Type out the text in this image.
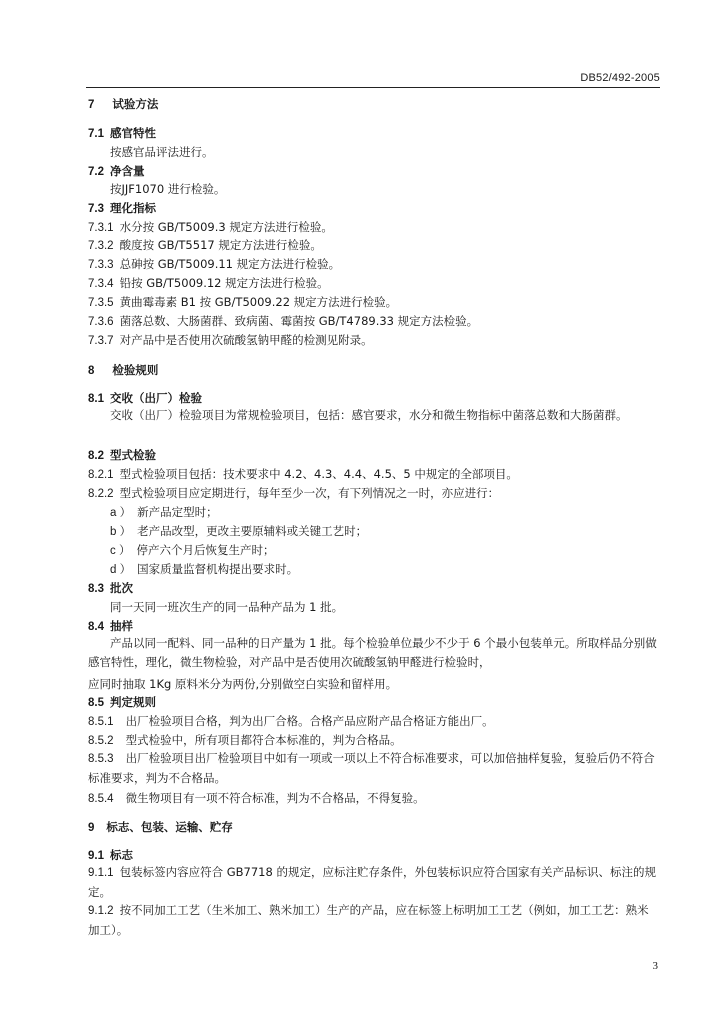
DB52/492-2005
7 试验方法
7.1 感官特性
按感官品评法进行。
7.2 净含量
按JJF1070 进行检验。
7.3 理化指标
7.3.1 水分按 GB/T5009.3 规定方法进行检验。
7.3.2 酸度按 GB/T5517 规定方法进行检验。
7.3.3 总砷按 GB/T5009.11 规定方法进行检验。
7.3.4 铅按 GB/T5009.12 规定方法进行检验。
7.3.5 黄曲霉毒素 B1 按 GB/T5009.22 规定方法进行检验。
7.3.6 菌落总数、大肠菌群、致病菌、霉菌按 GB/T4789.33 规定方法检验。
7.3.7 对产品中是否使用次硫酸氢钠甲醛的检测见附录。
8 检验规则
8.1 交收（出厂）检验
交收（出厂）检验项目为常规检验项目，包括：感官要求，水分和微生物指标中菌落总数和大肠菌群。
8.2 型式检验
8.2.1 型式检验项目包括：技术要求中 4.2、4.3、4.4、4.5、5 中规定的全部项目。
8.2.2 型式检验项目应定期进行，每年至少一次，有下列情况之一时，亦应进行：
a ） 新产品定型时；
b ） 老产品改型，更改主要原辅料或关键工艺时；
c ） 停产六个月后恢复生产时；
d ） 国家质量监督机构提出要求时。
8.3 批次
同一天同一班次生产的同一品种产品为 1 批。
8.4 抽样
产品以同一配料、同一品种的日产量为 1 批。每个检验单位最少不少于 6 个最小包装单元。所取样品分别做感官特性，理化，微生物检验，对产品中是否使用次硫酸氢钠甲醛进行检验时，
应同时抽取 1Kg 原料米分为两份,分别做空白实验和留样用。
8.5 判定规则
8.5.1 出厂检验项目合格，判为出厂合格。合格产品应附产品合格证方能出厂。
8.5.2 型式检验中，所有项目都符合本标准的，判为合格品。
8.5.3 出厂检验项目出厂检验项目中如有一项或一项以上不符合标准要求，可以加倍抽样复验，复验后仍不符合标准要求，判为不合格品。
8.5.4 微生物项目有一项不符合标准，判为不合格品，不得复验。
9 标志、包装、运输、贮存
9.1 标志
9.1.1 包装标签内容应符合 GB7718 的规定，应标注贮存条件，外包装标识应符合国家有关产品标识、标注的规定。
9.1.2 按不同加工工艺（生米加工、熟米加工）生产的产品，应在标签上标明加工工艺（例如，加工工艺：熟米加工）。
3
